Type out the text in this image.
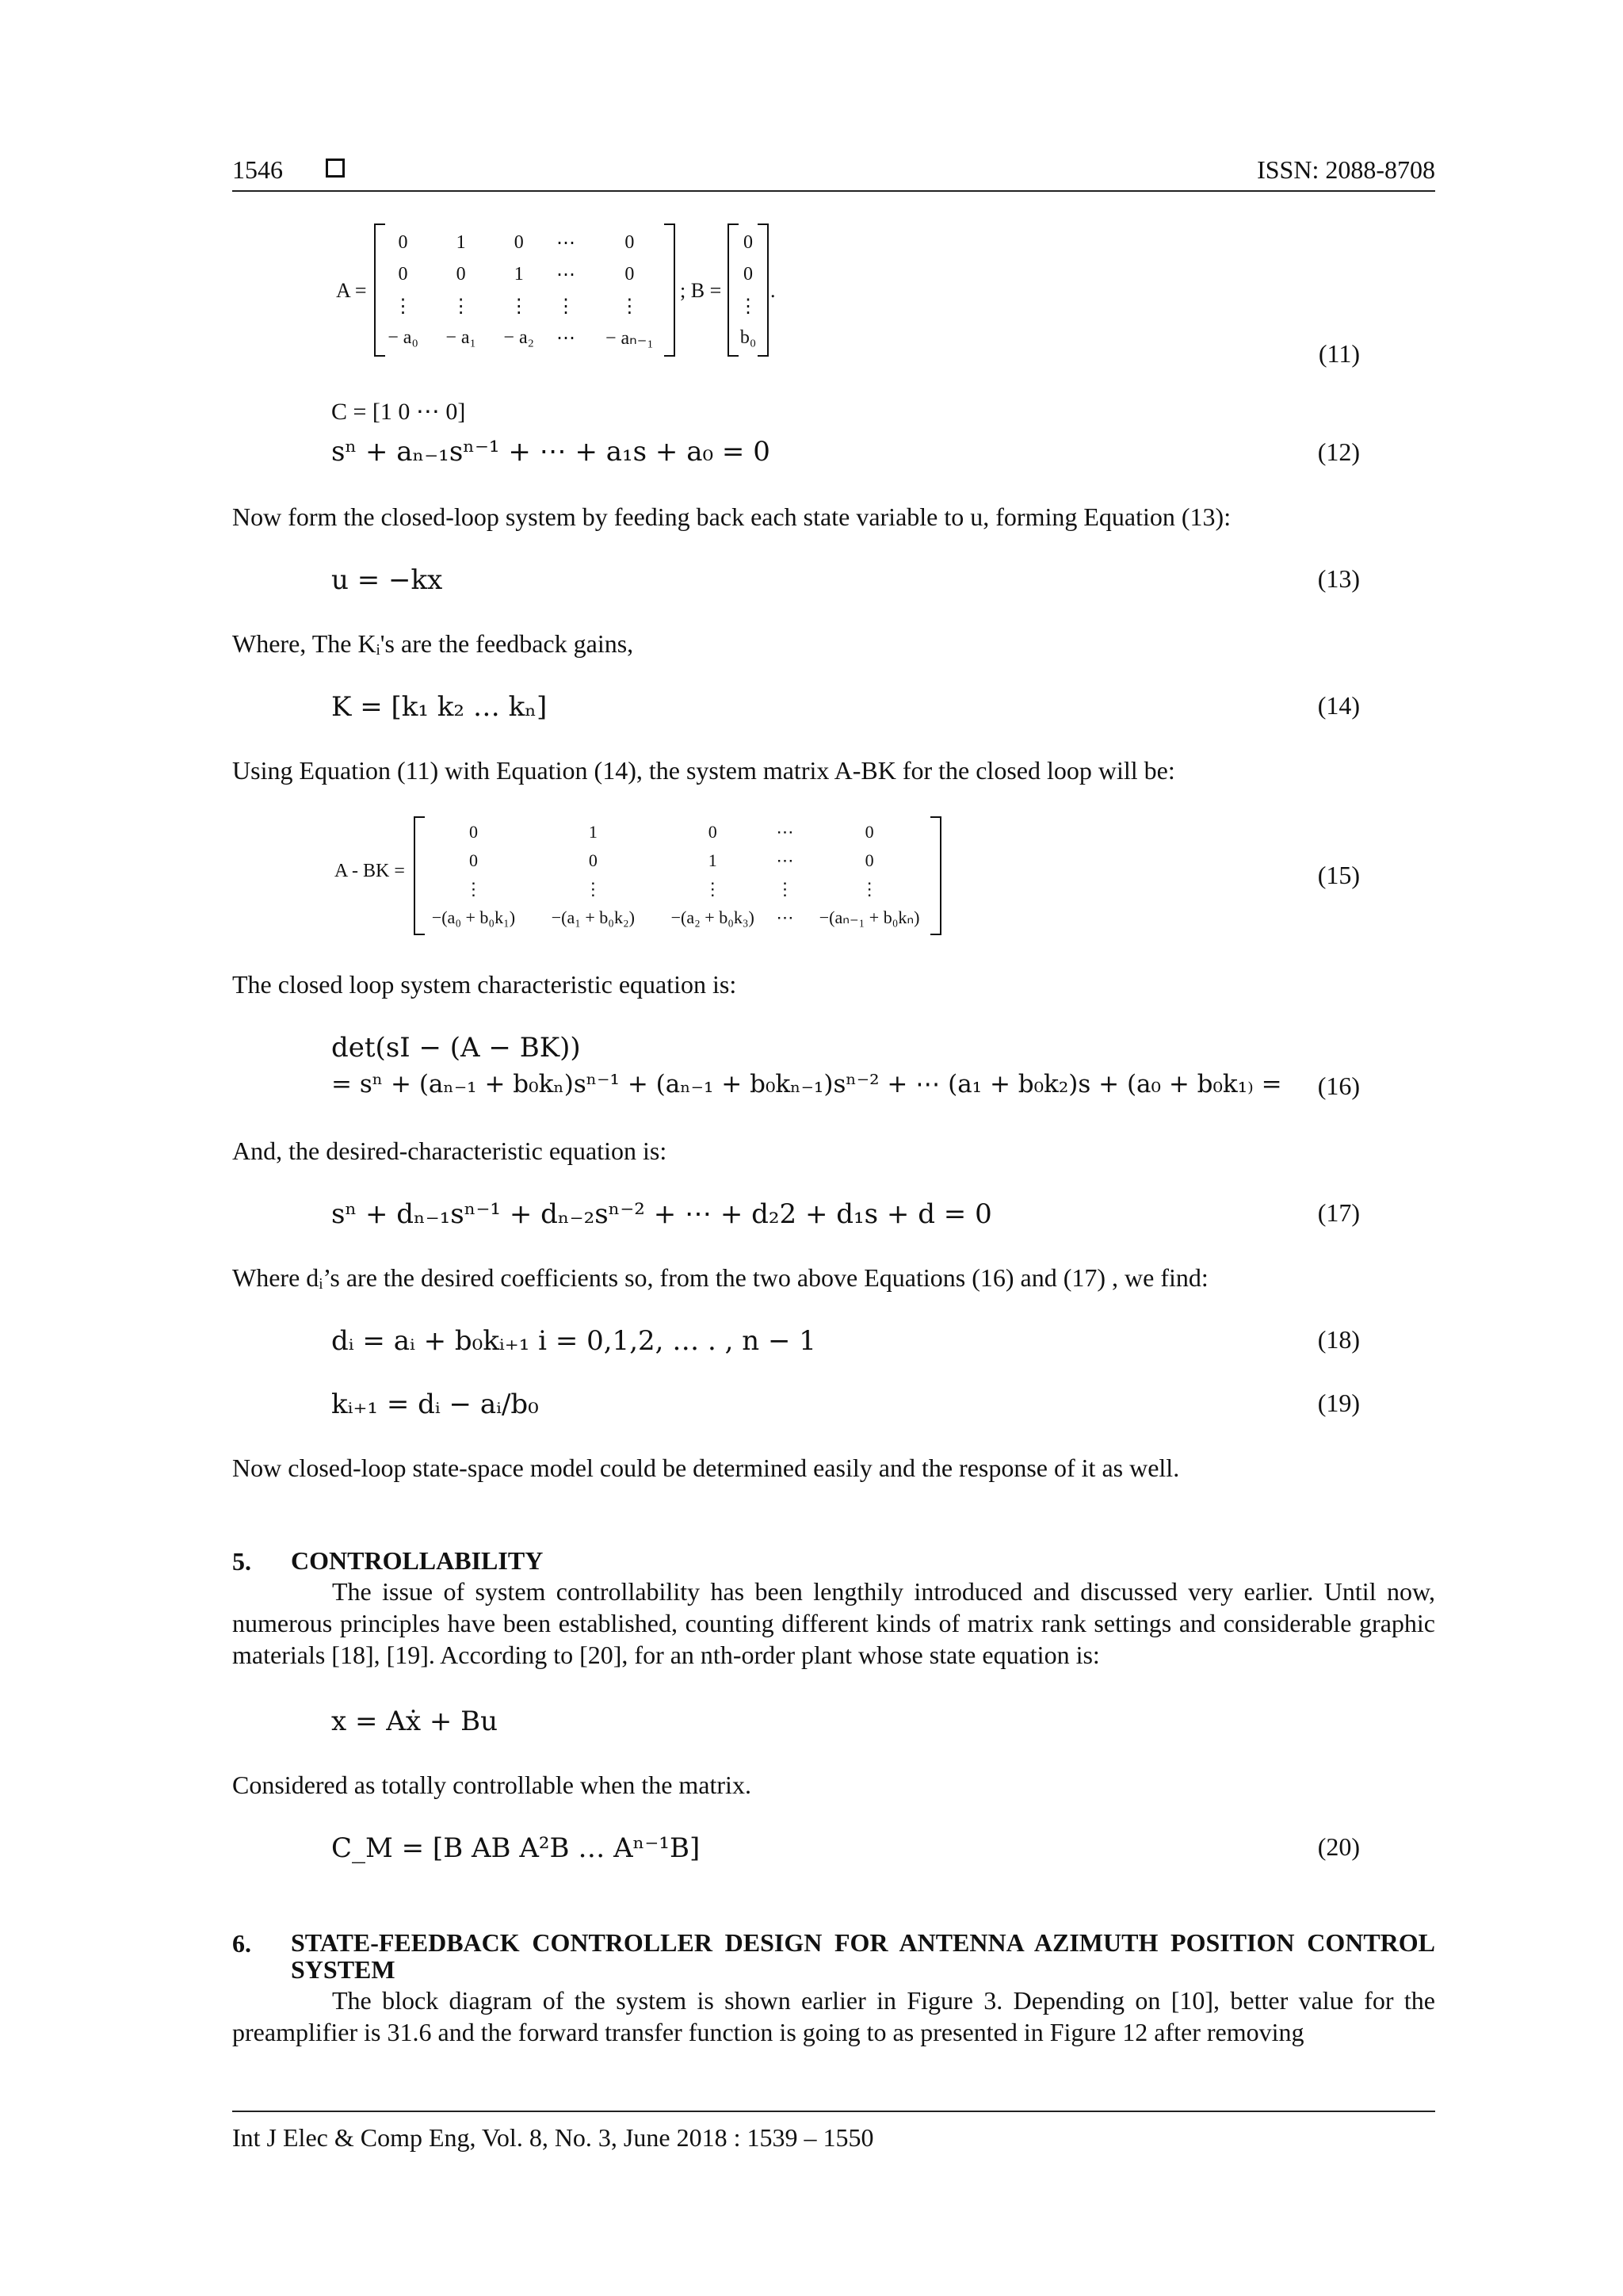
1546	ISSN: 2088-8708
A =
0	1	0	⋯	0
0	0	1	⋯	0
⋮	⋮	⋮	⋮	⋮
− a₀	− a₁	− a₂	⋯	− aₙ₋₁
; B =
0
0
⋮
b₀
.
(11)
C = [1 0 ⋯ 0]
sⁿ + aₙ₋₁sⁿ⁻¹ + ⋯ + a₁s + a₀ = 0	(12)
Now form the closed-loop system by feeding back each state variable to u, forming Equation (13):
u = −kx	(13)
Where, The Kᵢ's are the feedback gains,
K = [k₁ k₂ … kₙ]	(14)
Using Equation (11) with Equation (14), the system matrix A-BK for the closed loop will be:
A - BK =
0	1	0	⋯	0
0	0	1	⋯	0
⋮	⋮	⋮	⋮	⋮
−(a₀ + b₀k₁)	−(a₁ + b₀k₂)	−(a₂ + b₀k₃)	⋯	−(aₙ₋₁ + b₀kₙ)
(15)
The closed loop system characteristic equation is:
det(sI − (A − BK))
= sⁿ + (aₙ₋₁ + b₀kₙ)sⁿ⁻¹ + (aₙ₋₁ + b₀kₙ₋₁)sⁿ⁻² + ⋯ (a₁ + b₀k₂)s + (a₀ + b₀k₁₎ = (16)
And, the desired-characteristic equation is:
sⁿ + dₙ₋₁sⁿ⁻¹ + dₙ₋₂sⁿ⁻² + ⋯ + d₂2 + d₁s + d = 0	(17)
Where dᵢ’s are the desired coefficients so, from the two above Equations (16) and (17) , we find:
dᵢ = aᵢ + b₀kᵢ₊₁ i = 0,1,2, … . , n − 1	(18)
kᵢ₊₁ = dᵢ − aᵢ/b₀	(19)
Now closed-loop state-space model could be determined easily and the response of it as well.
5. CONTROLLABILITY
The issue of system controllability has been lengthily introduced and discussed very earlier. Until now, numerous principles have been established, counting different kinds of matrix rank settings and considerable graphic materials [18], [19]. According to [20], for an nth-order plant whose state equation is:
x = Aẋ + Bu
Considered as totally controllable when the matrix.
C_M = [B AB A²B … Aⁿ⁻¹B]	(20)
6. STATE-FEEDBACK CONTROLLER DESIGN FOR ANTENNA AZIMUTH POSITION CONTROL SYSTEM
The block diagram of the system is shown earlier in Figure 3. Depending on [10], better value for the preamplifier is 31.6 and the forward transfer function is going to as presented in Figure 12 after removing
Int J Elec & Comp Eng, Vol. 8, No. 3, June 2018 : 1539 – 1550
